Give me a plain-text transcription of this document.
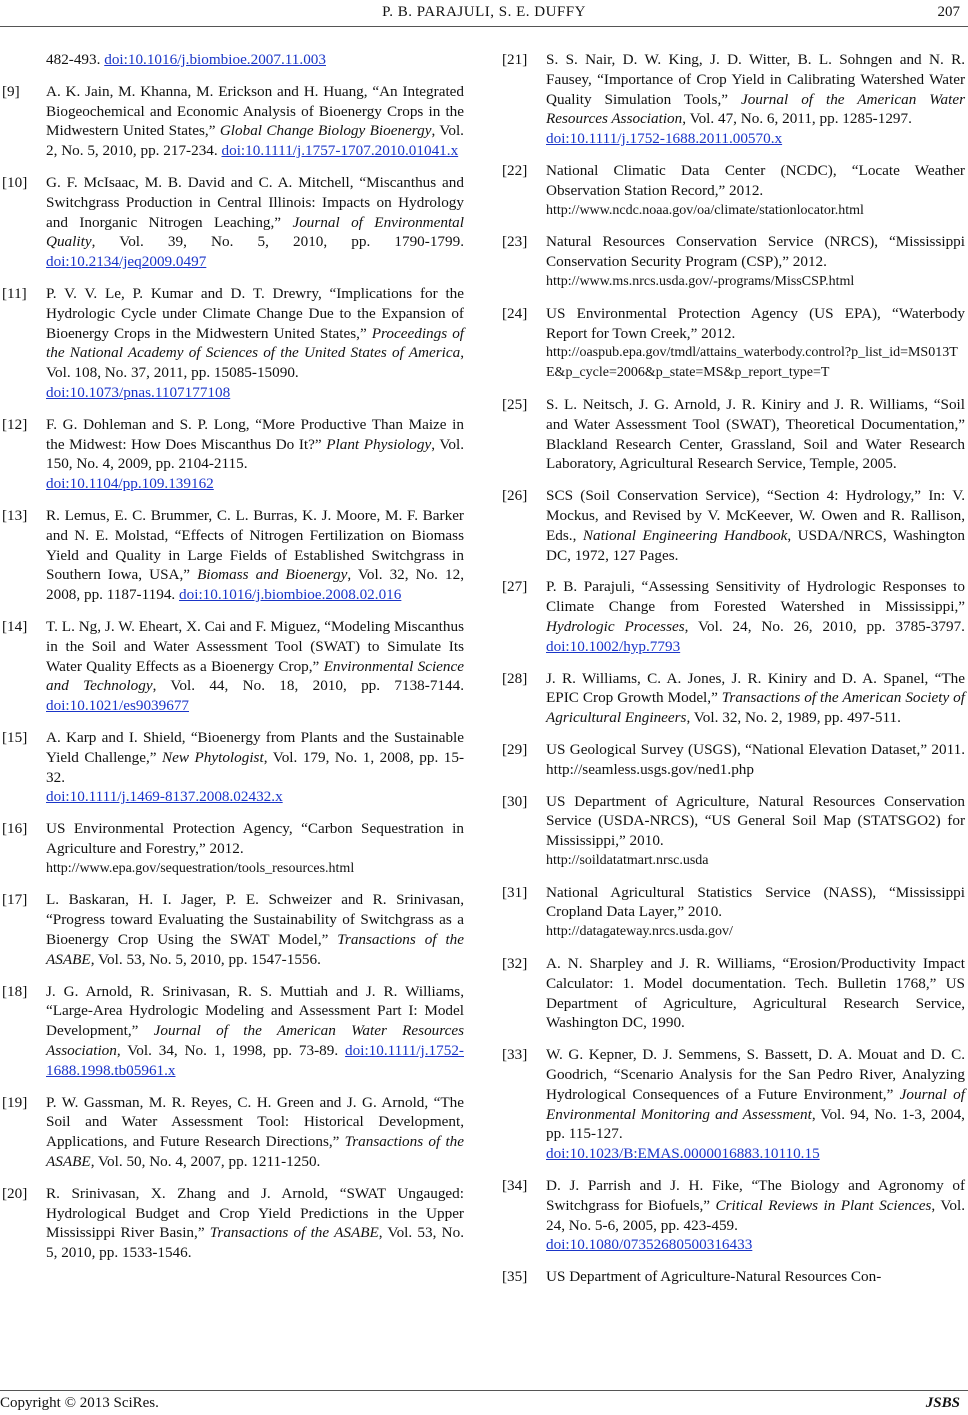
P. B. PARAJULI, S. E. DUFFY	207
482-493. doi:10.1016/j.biombioe.2007.11.003
[9]	A. K. Jain, M. Khanna, M. Erickson and H. Huang, “An Integrated Biogeochemical and Economic Analysis of Bioenergy Crops in the Midwestern United States,” Global Change Biology Bioenergy, Vol. 2, No. 5, 2010, pp. 217-234. doi:10.1111/j.1757-1707.2010.01041.x
[10]	G. F. McIsaac, M. B. David and C. A. Mitchell, “Miscanthus and Switchgrass Production in Central Illinois: Impacts on Hydrology and Inorganic Nitrogen Leaching,” Journal of Environmental Quality, Vol. 39, No. 5, 2010, pp. 1790-1799. doi:10.2134/jeq2009.0497
[11]	P. V. V. Le, P. Kumar and D. T. Drewry, “Implications for the Hydrologic Cycle under Climate Change Due to the Expansion of Bioenergy Crops in the Midwestern United States,” Proceedings of the National Academy of Sciences of the United States of America, Vol. 108, No. 37, 2011, pp. 15085-15090.
doi:10.1073/pnas.1107177108
[12]	F. G. Dohleman and S. P. Long, “More Productive Than Maize in the Midwest: How Does Miscanthus Do It?” Plant Physiology, Vol. 150, No. 4, 2009, pp. 2104-2115.
doi:10.1104/pp.109.139162
[13]	R. Lemus, E. C. Brummer, C. L. Burras, K. J. Moore, M. F. Barker and N. E. Molstad, “Effects of Nitrogen Fertilization on Biomass Yield and Quality in Large Fields of Established Switchgrass in Southern Iowa, USA,” Biomass and Bioenergy, Vol. 32, No. 12, 2008, pp. 1187-1194. doi:10.1016/j.biombioe.2008.02.016
[14]	T. L. Ng, J. W. Eheart, X. Cai and F. Miguez, “Modeling Miscanthus in the Soil and Water Assessment Tool (SWAT) to Simulate Its Water Quality Effects as a Bioenergy Crop,” Environmental Science and Technology, Vol. 44, No. 18, 2010, pp. 7138-7144. doi:10.1021/es9039677
[15]	A. Karp and I. Shield, “Bioenergy from Plants and the Sustainable Yield Challenge,” New Phytologist, Vol. 179, No. 1, 2008, pp. 15-32.
doi:10.1111/j.1469-8137.2008.02432.x
[16]	US Environmental Protection Agency, “Carbon Sequestration in Agriculture and Forestry,” 2012.
http://www.epa.gov/sequestration/tools_resources.html
[17]	L. Baskaran, H. I. Jager, P. E. Schweizer and R. Srinivasan, “Progress toward Evaluating the Sustainability of Switchgrass as a Bioenergy Crop Using the SWAT Model,” Transactions of the ASABE, Vol. 53, No. 5, 2010, pp. 1547-1556.
[18]	J. G. Arnold, R. Srinivasan, R. S. Muttiah and J. R. Williams, “Large-Area Hydrologic Modeling and Assessment Part I: Model Development,” Journal of the American Water Resources Association, Vol. 34, No. 1, 1998, pp. 73-89. doi:10.1111/j.1752-1688.1998.tb05961.x
[19]	P. W. Gassman, M. R. Reyes, C. H. Green and J. G. Arnold, “The Soil and Water Assessment Tool: Historical Development, Applications, and Future Research Directions,” Transactions of the ASABE, Vol. 50, No. 4, 2007, pp. 1211-1250.
[20]	R. Srinivasan, X. Zhang and J. Arnold, “SWAT Ungauged: Hydrological Budget and Crop Yield Predictions in the Upper Mississippi River Basin,” Transactions of the ASABE, Vol. 53, No. 5, 2010, pp. 1533-1546.
[21]	S. S. Nair, D. W. King, J. D. Witter, B. L. Sohngen and N. R. Fausey, “Importance of Crop Yield in Calibrating Watershed Water Quality Simulation Tools,” Journal of the American Water Resources Association, Vol. 47, No. 6, 2011, pp. 1285-1297.
doi:10.1111/j.1752-1688.2011.00570.x
[22]	National Climatic Data Center (NCDC), “Locate Weather Observation Station Record,” 2012.
http://www.ncdc.noaa.gov/oa/climate/stationlocator.html
[23]	Natural Resources Conservation Service (NRCS), “Mississippi Conservation Security Program (CSP),” 2012.
http://www.ms.nrcs.usda.gov/-programs/MissCSP.html
[24]	US Environmental Protection Agency (US EPA), “Waterbody Report for Town Creek,” 2012.
http://oaspub.epa.gov/tmdl/attains_waterbody.control?p_list_id=MS013TE&p_cycle=2006&p_state=MS&p_report_type=T
[25]	S. L. Neitsch, J. G. Arnold, J. R. Kiniry and J. R. Williams, “Soil and Water Assessment Tool (SWAT), Theoretical Documentation,” Blackland Research Center, Grassland, Soil and Water Research Laboratory, Agricultural Research Service, Temple, 2005.
[26]	SCS (Soil Conservation Service), “Section 4: Hydrology,” In: V. Mockus, and Revised by V. McKeever, W. Owen and R. Rallison, Eds., National Engineering Handbook, USDA/NRCS, Washington DC, 1972, 127 Pages.
[27]	P. B. Parajuli, “Assessing Sensitivity of Hydrologic Responses to Climate Change from Forested Watershed in Mississippi,” Hydrologic Processes, Vol. 24, No. 26, 2010, pp. 3785-3797. doi:10.1002/hyp.7793
[28]	J. R. Williams, C. A. Jones, J. R. Kiniry and D. A. Spanel, “The EPIC Crop Growth Model,” Transactions of the American Society of Agricultural Engineers, Vol. 32, No. 2, 1989, pp. 497-511.
[29]	US Geological Survey (USGS), “National Elevation Dataset,” 2011. http://seamless.usgs.gov/ned1.php
[30]	US Department of Agriculture, Natural Resources Conservation Service (USDA-NRCS), “US General Soil Map (STATSGO2) for Mississippi,” 2010.
http://soildatatmart.nrsc.usda
[31]	National Agricultural Statistics Service (NASS), “Mississippi Cropland Data Layer,” 2010.
http://datagateway.nrcs.usda.gov/
[32]	A. N. Sharpley and J. R. Williams, “Erosion/Productivity Impact Calculator: 1. Model documentation. Tech. Bulletin 1768,” US Department of Agriculture, Agricultural Research Service, Washington DC, 1990.
[33]	W. G. Kepner, D. J. Semmens, S. Bassett, D. A. Mouat and D. C. Goodrich, “Scenario Analysis for the San Pedro River, Analyzing Hydrological Consequences of a Future Environment,” Journal of Environmental Monitoring and Assessment, Vol. 94, No. 1-3, 2004, pp. 115-127.
doi:10.1023/B:EMAS.0000016883.10110.15
[34]	D. J. Parrish and J. H. Fike, “The Biology and Agronomy of Switchgrass for Biofuels,” Critical Reviews in Plant Sciences, Vol. 24, No. 5-6, 2005, pp. 423-459.
doi:10.1080/07352680500316433
[35]	US Department of Agriculture-Natural Resources Con-
Copyright © 2013 SciRes.	JSBS
